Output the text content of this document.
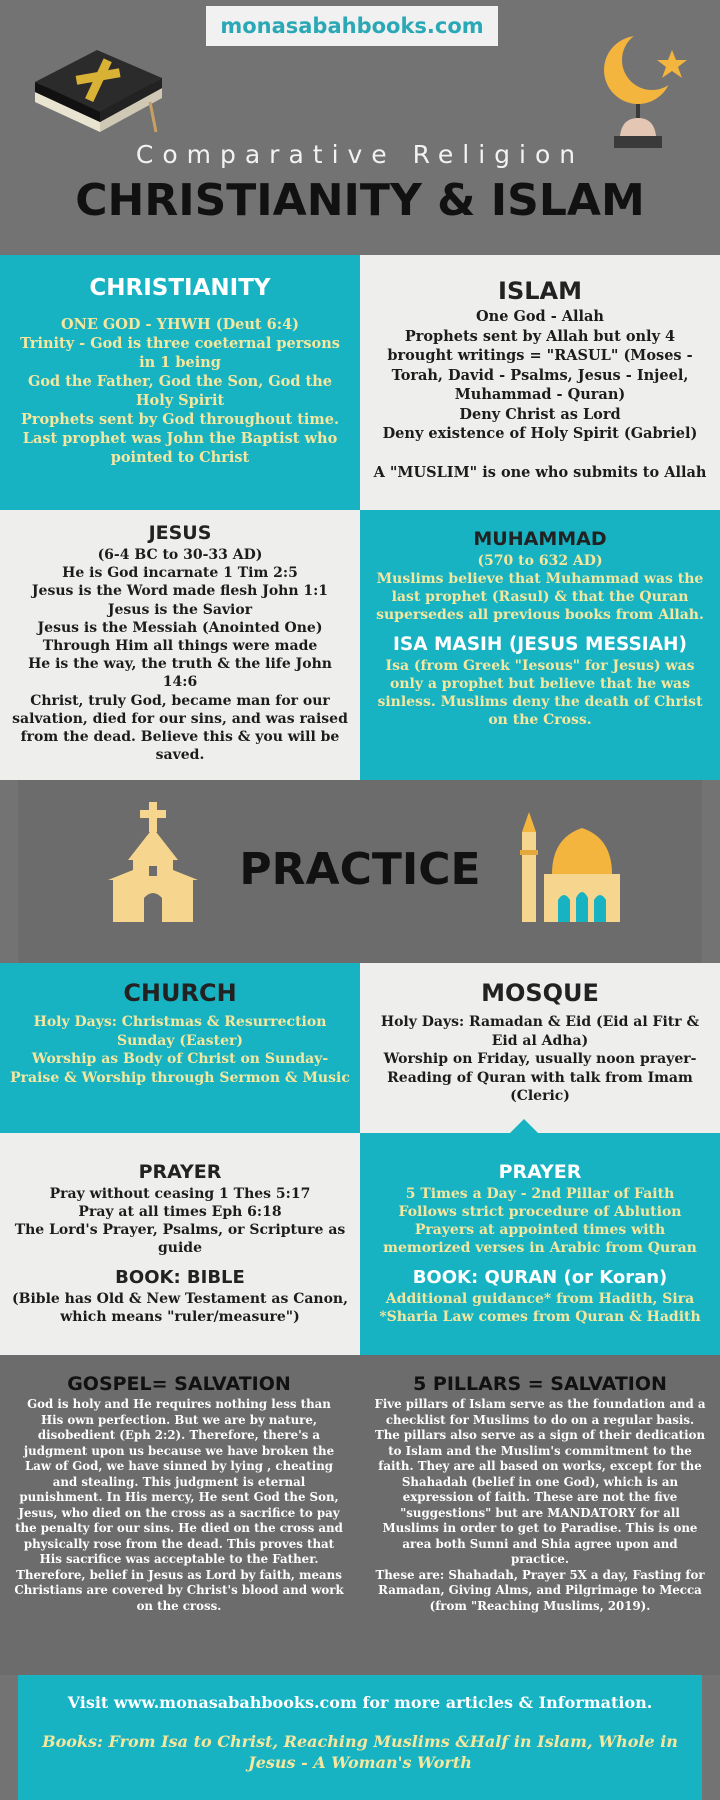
monasabahbooks.com
Comparative Religion
CHRISTIANITY & ISLAM
CHRISTIANITY
ONE GOD - YHWH (Deut 6:4)
Trinity - God is three coeternal persons in 1 being
God the Father, God the Son, God the Holy Spirit
Prophets sent by God throughout time. Last prophet was John the Baptist who pointed to Christ
ISLAM
One God - Allah
Prophets sent by Allah but only 4 brought writings = "RASUL" (Moses - Torah, David - Psalms, Jesus - Injeel, Muhammad - Quran)
Deny Christ as Lord
Deny existence of Holy Spirit (Gabriel)

A "MUSLIM" is one who submits to Allah
JESUS
(6-4 BC to 30-33 AD)
He is God incarnate 1 Tim 2:5
Jesus is the Word made flesh John 1:1
Jesus is the Savior
Jesus is the Messiah (Anointed One)
Through Him all things were made
He is the way, the truth & the life John 14:6
Christ, truly God, became man for our salvation, died for our sins, and was raised from the dead. Believe this & you will be saved.
MUHAMMAD
(570 to 632 AD)
Muslims believe that Muhammad was the last prophet (Rasul) & that the Quran supersedes all previous books from Allah.
ISA MASIH (JESUS MESSIAH)
Isa (from Greek "Iesous" for Jesus) was only a prophet but believe that he was sinless. Muslims deny the death of Christ on the Cross.
PRACTICE
CHURCH
Holy Days: Christmas & Resurrection Sunday (Easter)
Worship as Body of Christ on Sunday- Praise & Worship through Sermon & Music
MOSQUE
Holy Days: Ramadan & Eid (Eid al Fitr & Eid al Adha)
Worship on Friday, usually noon prayer- Reading of Quran with talk from Imam (Cleric)
PRAYER
Pray without ceasing 1 Thes 5:17
Pray at all times Eph 6:18
The Lord's Prayer, Psalms, or Scripture as guide
BOOK: BIBLE
(Bible has Old & New Testament as Canon, which means "ruler/measure")
PRAYER
5 Times a Day - 2nd Pillar of Faith
Follows strict procedure of Ablution
Prayers at appointed times with memorized verses in Arabic from Quran
BOOK: QURAN (or Koran)
Additional guidance* from Hadith, Sira
*Sharia Law comes from Quran & Hadith
GOSPEL= SALVATION
God is holy and He requires nothing less than His own perfection. But we are by nature, disobedient (Eph 2:2). Therefore, there's a judgment upon us because we have broken the Law of God, we have sinned by lying , cheating and stealing. This judgment is eternal punishment. In His mercy, He sent God the Son, Jesus, who died on the cross as a sacrifice to pay the penalty for our sins. He died on the cross and physically rose from the dead. This proves that His sacrifice was acceptable to the Father. Therefore, belief in Jesus as Lord by faith, means Christians are covered by Christ's blood and work on the cross.
5 PILLARS = SALVATION
Five pillars of Islam serve as the foundation and a checklist for Muslims to do on a regular basis. The pillars also serve as a sign of their dedication to Islam and the Muslim's commitment to the faith. They are all based on works, except for the Shahadah (belief in one God), which is an expression of faith. These are not the five "suggestions" but are MANDATORY for all Muslims in order to get to Paradise. This is one area both Sunni and Shia agree upon and practice.
These are: Shahadah, Prayer 5X a day, Fasting for Ramadan, Giving Alms, and Pilgrimage to Mecca (from "Reaching Muslims, 2019).
Visit www.monasabahbooks.com for more articles & Information.
Books: From Isa to Christ, Reaching Muslims &Half in Islam, Whole in Jesus - A Woman's Worth
